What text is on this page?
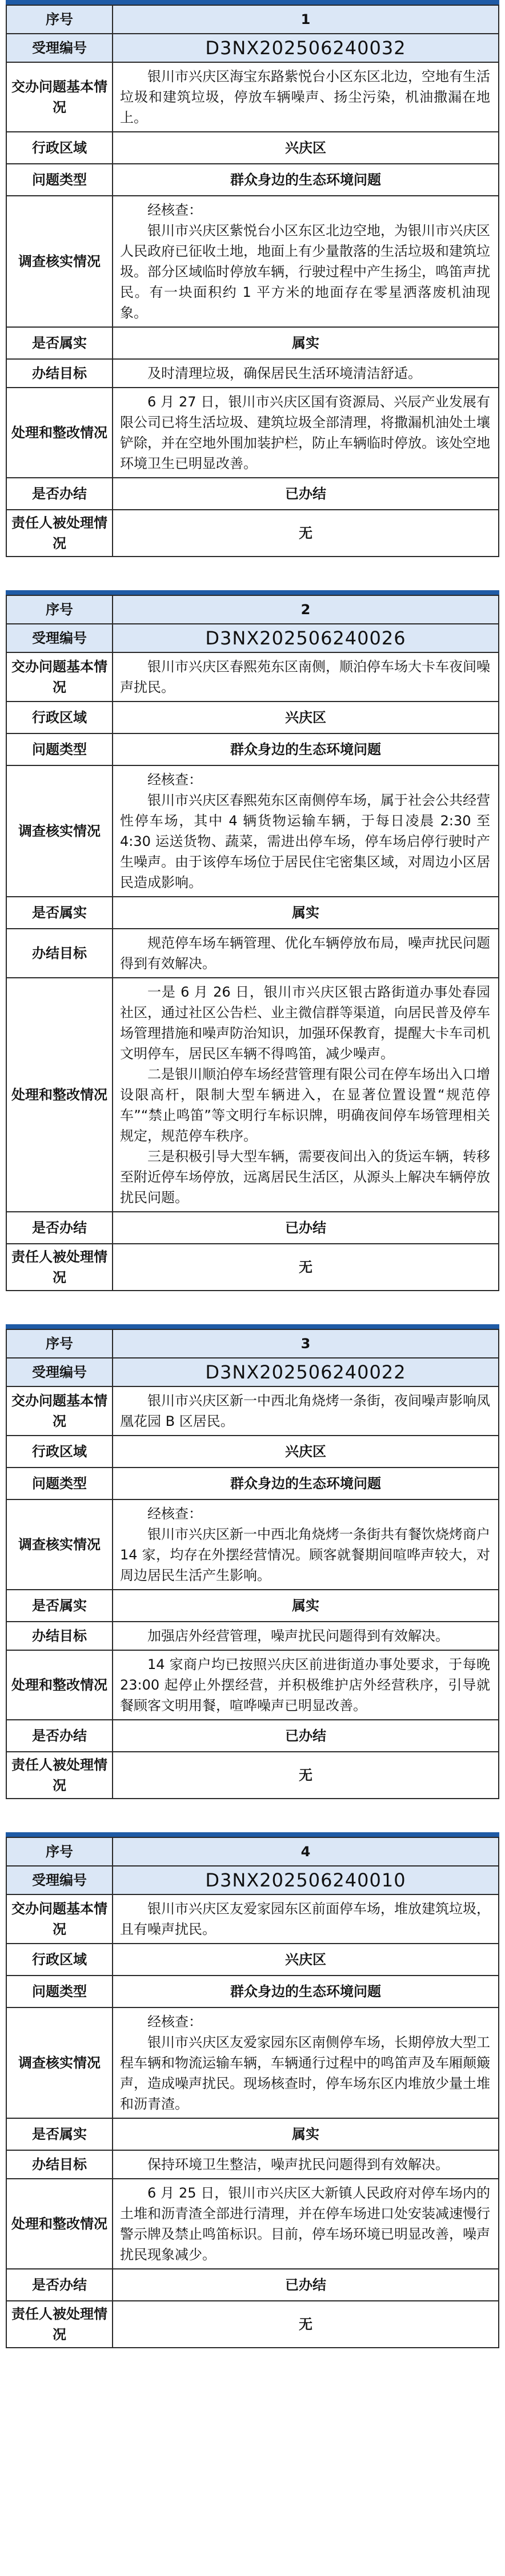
序号	1
受理编号	D3NX202506240032
交办问题基本情况	银川市兴庆区海宝东路紫悦台小区东区北边，空地有生活垃圾和建筑垃圾，停放车辆噪声、扬尘污染，机油撒漏在地上。

行政区域	兴庆区
问题类型	群众身边的生态环境问题
调查核实情况	经核查：

银川市兴庆区紫悦台小区东区北边空地，为银川市兴庆区人民政府已征收土地，地面上有少量散落的生活垃圾和建筑垃圾。部分区域临时停放车辆，行驶过程中产生扬尘，鸣笛声扰民。有一块面积约 1 平方米的地面存在零星洒落废机油现象。

是否属实	属实
办结目标	及时清理垃圾，确保居民生活环境清洁舒适。

处理和整改情况	6 月 27 日，银川市兴庆区国有资源局、兴辰产业发展有限公司已将生活垃圾、建筑垃圾全部清理，将撒漏机油处土壤铲除，并在空地外围加装护栏，防止车辆临时停放。该处空地环境卫生已明显改善。

是否办结	已办结
责任人被处理情况	无
序号	2
受理编号	D3NX202506240026
交办问题基本情况	银川市兴庆区春熙苑东区南侧，顺泊停车场大卡车夜间噪声扰民。

行政区域	兴庆区
问题类型	群众身边的生态环境问题
调查核实情况	经核查：

银川市兴庆区春熙苑东区南侧停车场，属于社会公共经营性停车场，其中 4 辆货物运输车辆，于每日凌晨 2:30 至 4:30 运送货物、蔬菜，需进出停车场，停车场启停行驶时产生噪声。由于该停车场位于居民住宅密集区域，对周边小区居民造成影响。

是否属实	属实
办结目标	规范停车场车辆管理、优化车辆停放布局，噪声扰民问题得到有效解决。

处理和整改情况	一是 6 月 26 日，银川市兴庆区银古路街道办事处春园社区，通过社区公告栏、业主微信群等渠道，向居民普及停车场管理措施和噪声防治知识，加强环保教育，提醒大卡车司机文明停车，居民区车辆不得鸣笛，减少噪声。

二是银川顺泊停车场经营管理有限公司在停车场出入口增设限高杆，限制大型车辆进入，在显著位置设置“规范停车”“禁止鸣笛”等文明行车标识牌，明确夜间停车场管理相关规定，规范停车秩序。

三是积极引导大型车辆，需要夜间出入的货运车辆，转移至附近停车场停放，远离居民生活区，从源头上解决车辆停放扰民问题。

是否办结	已办结
责任人被处理情况	无
序号	3
受理编号	D3NX202506240022
交办问题基本情况	银川市兴庆区新一中西北角烧烤一条街，夜间噪声影响凤凰花园 B 区居民。

行政区域	兴庆区
问题类型	群众身边的生态环境问题
调查核实情况	经核查：

银川市兴庆区新一中西北角烧烤一条街共有餐饮烧烤商户 14 家，均存在外摆经营情况。顾客就餐期间喧哗声较大，对周边居民生活产生影响。

是否属实	属实
办结目标	加强店外经营管理，噪声扰民问题得到有效解决。

处理和整改情况	14 家商户均已按照兴庆区前进街道办事处要求，于每晚 23:00 起停止外摆经营，并积极维护店外经营秩序，引导就餐顾客文明用餐，喧哗噪声已明显改善。

是否办结	已办结
责任人被处理情况	无
序号	4
受理编号	D3NX202506240010
交办问题基本情况	银川市兴庆区友爱家园东区前面停车场，堆放建筑垃圾，且有噪声扰民。

行政区域	兴庆区
问题类型	群众身边的生态环境问题
调查核实情况	经核查：

银川市兴庆区友爱家园东区南侧停车场，长期停放大型工程车辆和物流运输车辆，车辆通行过程中的鸣笛声及车厢颠簸声，造成噪声扰民。现场核查时，停车场东区内堆放少量土堆和沥青渣。

是否属实	属实
办结目标	保持环境卫生整洁，噪声扰民问题得到有效解决。

处理和整改情况	6 月 25 日，银川市兴庆区大新镇人民政府对停车场内的土堆和沥青渣全部进行清理，并在停车场进口处安装减速慢行警示牌及禁止鸣笛标识。目前，停车场环境已明显改善，噪声扰民现象减少。

是否办结	已办结
责任人被处理情况	无
